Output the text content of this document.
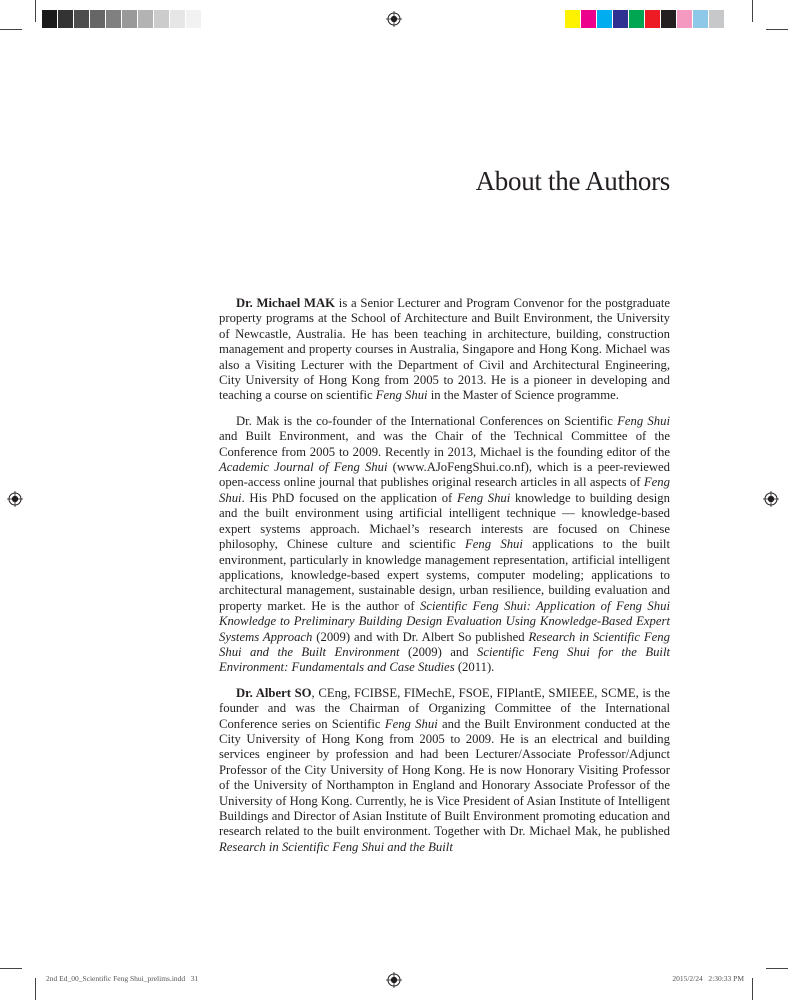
About the Authors

Dr. Michael MAK is a Senior Lecturer and Program Convenor for the postgraduate property programs at the School of Architecture and Built Environment, the University of Newcastle, Australia. He has been teaching in architecture, building, construction management and property courses in Australia, Singapore and Hong Kong. Michael was also a Visiting Lecturer with the Department of Civil and Architectural Engineering, City University of Hong Kong from 2005 to 2013. He is a pioneer in developing and teaching a course on scientific Feng Shui in the Master of Science programme.

Dr. Mak is the co-founder of the International Conferences on Scientific Feng Shui and Built Environment, and was the Chair of the Technical Committee of the Conference from 2005 to 2009. Recently in 2013, Michael is the founding editor of the Academic Journal of Feng Shui (www.AJoFengShui.co.nf), which is a peer-reviewed open-access online journal that publishes original research articles in all aspects of Feng Shui. His PhD focused on the application of Feng Shui knowledge to building design and the built environment using artificial intelligent technique — knowledge-based expert systems approach. Michael’s research interests are focused on Chinese philosophy, Chinese culture and scientific Feng Shui applications to the built environment, particularly in knowledge management representation, artificial intelligent applications, knowledge-based expert systems, computer modeling; applications to architectural management, sustainable design, urban resilience, building evaluation and property market. He is the author of Scientific Feng Shui: Application of Feng Shui Knowledge to Preliminary Building Design Evaluation Using Knowledge-Based Expert Systems Approach (2009) and with Dr. Albert So published Research in Scientific Feng Shui and the Built Environment (2009) and Scientific Feng Shui for the Built Environment: Fundamentals and Case Studies (2011).

Dr. Albert SO, CEng, FCIBSE, FIMechE, FSOE, FIPlantE, SMIEEE, SCME, is the founder and was the Chairman of Organizing Committee of the International Conference series on Scientific Feng Shui and the Built Environment conducted at the City University of Hong Kong from 2005 to 2009. He is an electrical and building services engineer by profession and had been Lecturer/Associate Professor/Adjunct Professor of the City University of Hong Kong. He is now Honorary Visiting Professor of the University of Northampton in England and Honorary Associate Professor of the University of Hong Kong. Currently, he is Vice President of Asian Institute of Intelligent Buildings and Director of Asian Institute of Built Environment promoting education and research related to the built environment. Together with Dr. Michael Mak, he published Research in Scientific Feng Shui and the Built

2nd Ed_00_Scientific Feng Shui_prelims.indd   31	2015/2/24   2:30:33 PM
